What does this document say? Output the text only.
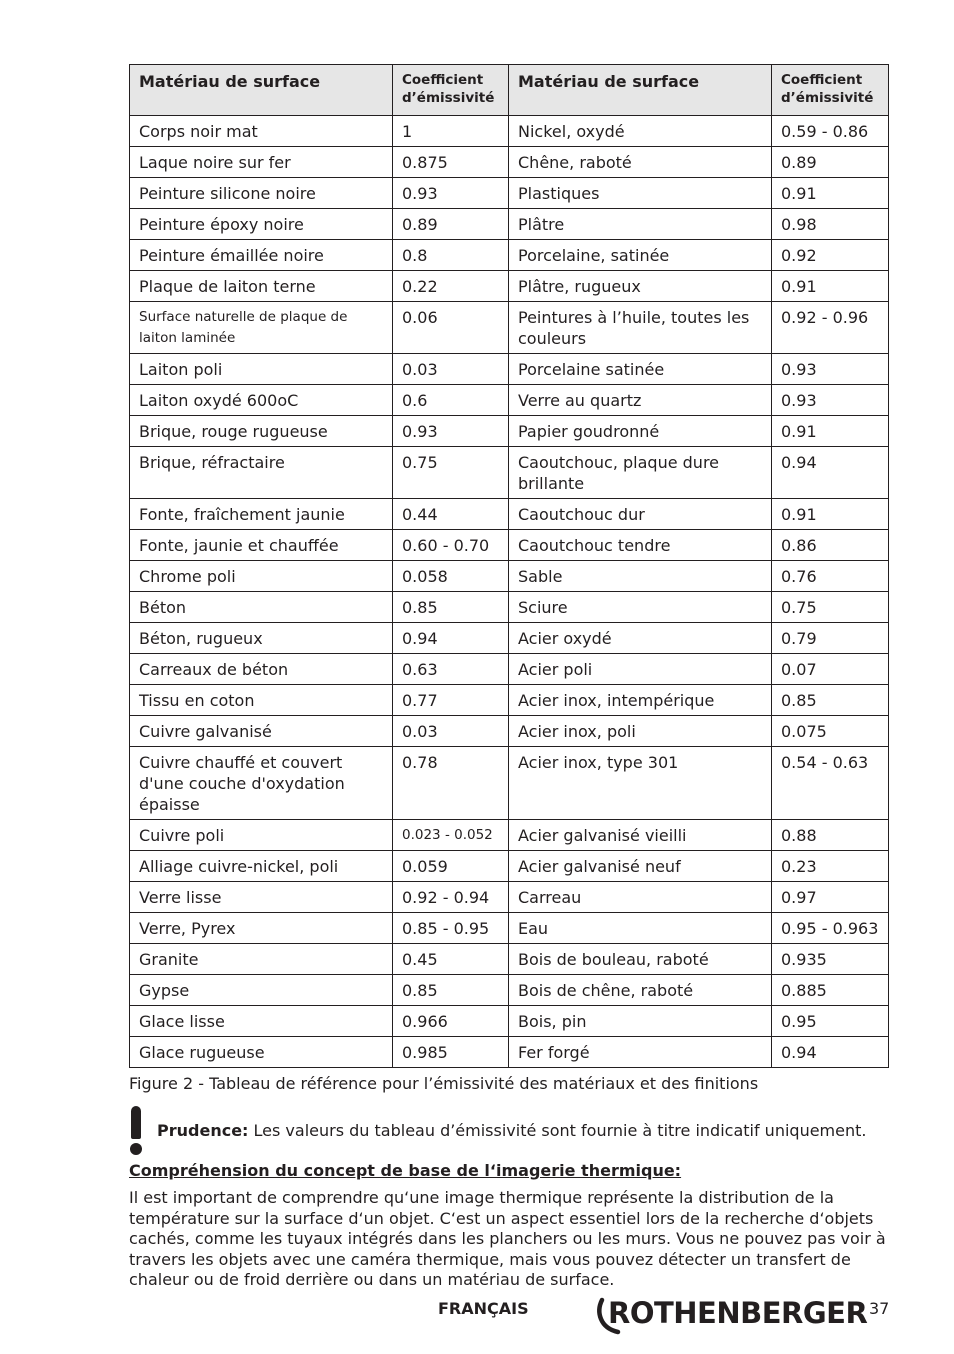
Matériau de surface	Coefficient d’émissivité	Matériau de surface	Coefficient d’émissivité
Corps noir mat	1	Nickel, oxydé	0.59 - 0.86
Laque noire sur fer	0.875	Chêne, raboté	0.89
Peinture silicone noire	0.93	Plastiques	0.91
Peinture époxy noire	0.89	Plâtre	0.98
Peinture émaillée noire	0.8	Porcelaine, satinée	0.92
Plaque de laiton terne	0.22	Plâtre, rugueux	0.91
Surface naturelle de plaque de laiton laminée	0.06	Peintures à l’huile, toutes les couleurs	0.92 - 0.96
Laiton poli	0.03	Porcelaine satinée	0.93
Laiton oxydé 600oC	0.6	Verre au quartz	0.93
Brique, rouge rugueuse	0.93	Papier goudronné	0.91
Brique, réfractaire	0.75	Caoutchouc, plaque dure brillante	0.94
Fonte, fraîchement jaunie	0.44	Caoutchouc dur	0.91
Fonte, jaunie et chauffée	0.60 - 0.70	Caoutchouc tendre	0.86
Chrome poli	0.058	Sable	0.76
Béton	0.85	Sciure	0.75
Béton, rugueux	0.94	Acier oxydé	0.79
Carreaux de béton	0.63	Acier poli	0.07
Tissu en coton	0.77	Acier inox, intempérique	0.85
Cuivre galvanisé	0.03	Acier inox, poli	0.075
Cuivre chauffé et couvert d'une couche d'oxydation épaisse	0.78	Acier inox, type 301	0.54 - 0.63
Cuivre poli	0.023 - 0.052	Acier galvanisé vieilli	0.88
Alliage cuivre-nickel, poli	0.059	Acier galvanisé neuf	0.23
Verre lisse	0.92 - 0.94	Carreau	0.97
Verre, Pyrex	0.85 - 0.95	Eau	0.95 - 0.963
Granite	0.45	Bois de bouleau, raboté	0.935
Gypse	0.85	Bois de chêne, raboté	0.885
Glace lisse	0.966	Bois, pin	0.95
Glace rugueuse	0.985	Fer forgé	0.94
Figure 2 - Tableau de référence pour l’émissivité des matériaux et des finitions
Prudence: Les valeurs du tableau d’émissivité sont fournie à titre indicatif uniquement.
Compréhension du concept de base de l‘imagerie thermique:
Il est important de comprendre qu‘une image thermique représente la distribution de la température sur la surface d‘un objet. C‘est un aspect essentiel lors de la recherche d‘objets cachés, comme les tuyaux intégrés dans les planchers ou les murs. Vous ne pouvez pas voir à travers les objets avec une caméra thermique, mais vous pouvez détecter un transfert de chaleur ou de froid derrière ou dans un matériau de surface.
FRANÇAIS	ROTHENBERGER 37
